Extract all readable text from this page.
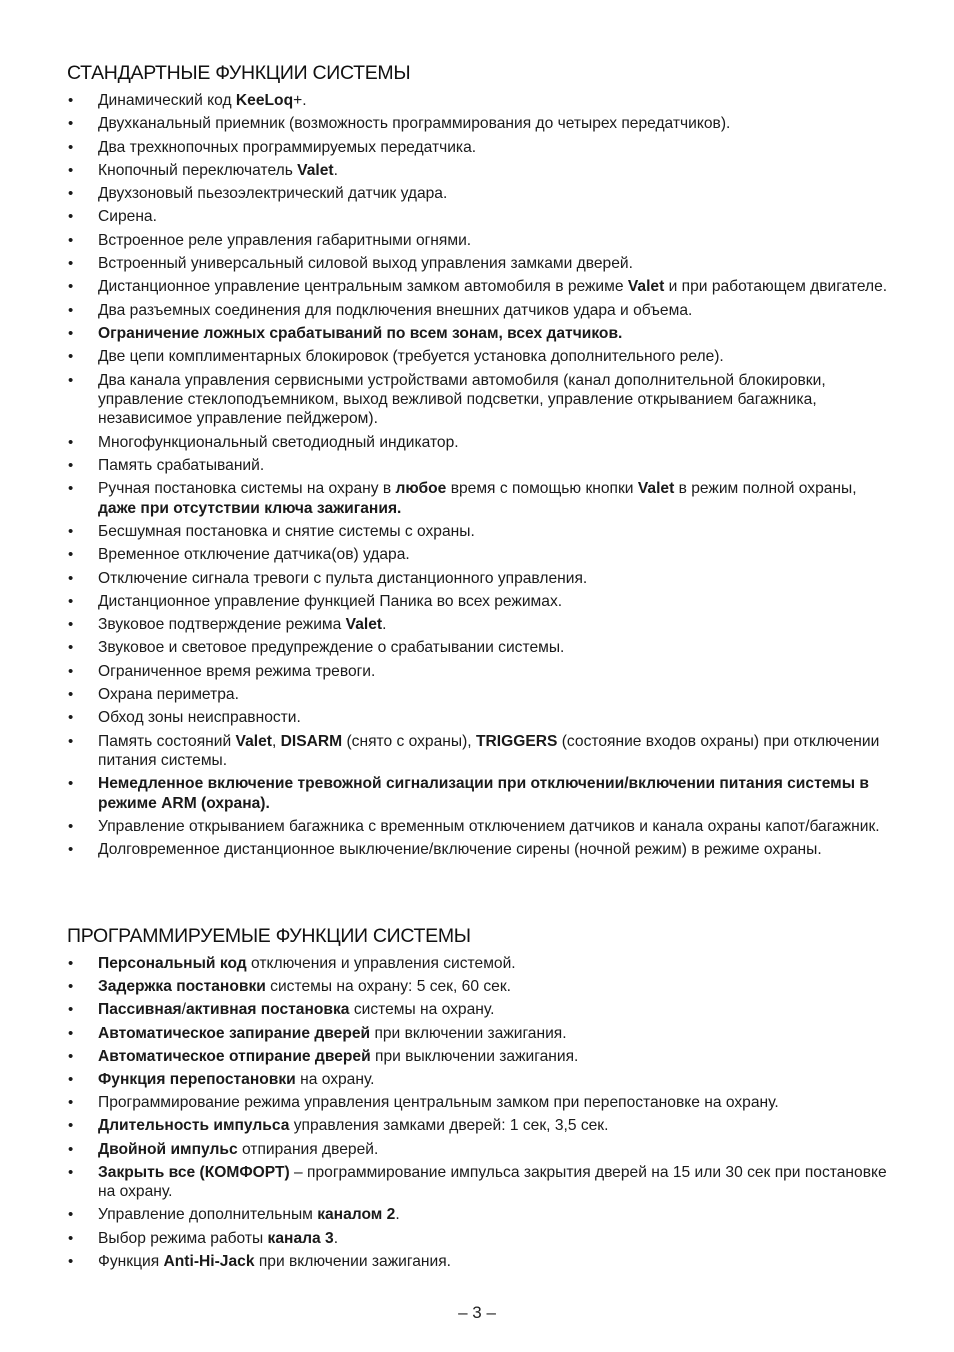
СТАНДАРТНЫЕ ФУНКЦИИ СИСТЕМЫ
• Динамический код KeeLoq+.
• Двухканальный приемник (возможность программирования до четырех передатчиков).
• Два трехкнопочных программируемых передатчика.
• Кнопочный переключатель Valet.
• Двухзоновый пьезоэлектрический датчик удара.
• Сирена.
• Встроенное реле управления габаритными огнями.
• Встроенный универсальный силовой выход управления замками дверей.
• Дистанционное управление центральным замком автомобиля в режиме Valet и при работающем двигателе.
• Два разъемных соединения для подключения внешних датчиков удара и объема.
• Ограничение ложных срабатываний по всем зонам, всех датчиков.
• Две цепи комплиментарных блокировок (требуется установка дополнительного реле).
• Два канала управления сервисными устройствами автомобиля (канал дополнительной блокировки, управление стеклоподъемником, выход вежливой подсветки, управление открыванием багажника, независимое управление пейджером).
• Многофункциональный светодиодный индикатор.
• Память срабатываний.
• Ручная постановка системы на охрану в любое время с помощью кнопки Valet в режим полной охраны, даже при отсутствии ключа зажигания.
• Бесшумная постановка и снятие системы с охраны.
• Временное отключение датчика(ов) удара.
• Отключение сигнала тревоги с пульта дистанционного управления.
• Дистанционное управление функцией Паника во всех режимах.
• Звуковое подтверждение режима Valet.
• Звуковое и световое предупреждение о срабатывании системы.
• Ограниченное время режима тревоги.
• Охрана периметра.
• Обход зоны неисправности.
• Память состояний Valet, DISARM (снято с охраны), TRIGGERS (состояние входов охраны) при отключении питания системы.
• Немедленное включение тревожной сигнализации при отключении/включении питания системы в режиме ARM (охрана).
• Управление открыванием багажника с временным отключением датчиков и канала охраны капот/багажник.
• Долговременное дистанционное выключение/включение сирены (ночной режим) в режиме охраны.
ПРОГРАММИРУЕМЫЕ ФУНКЦИИ СИСТЕМЫ
• Персональный код отключения и управления системой.
• Задержка постановки системы на охрану: 5 сек, 60 сек.
• Пассивная/активная постановка системы на охрану.
• Автоматическое запирание дверей при включении зажигания.
• Автоматическое отпирание дверей при выключении зажигания.
• Функция перепостановки на охрану.
• Программирование режима управления центральным замком при перепостановке на охрану.
• Длительность импульса управления замками дверей: 1 сек, 3,5 сек.
• Двойной импульс отпирания дверей.
• Закрыть все (КОМФОРТ) – программирование импульса закрытия дверей на 15 или 30 сек при постановке на охрану.
• Управление дополнительным каналом 2.
• Выбор режима работы канала 3.
• Функция Anti-Hi-Jack при включении зажигания.
– 3 –
